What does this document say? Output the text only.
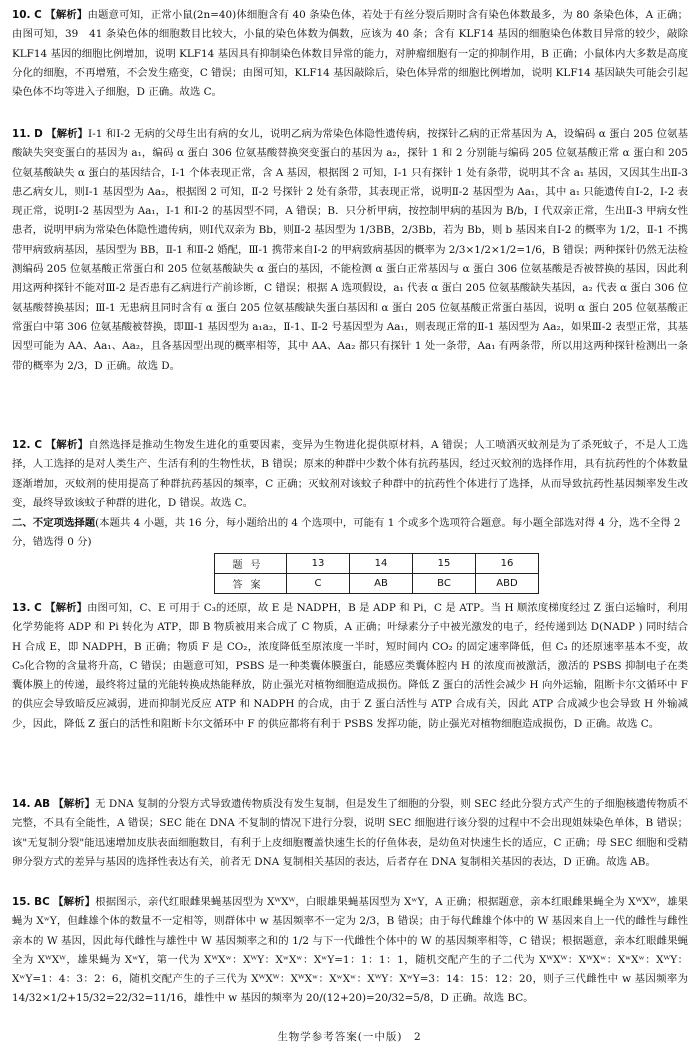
10. C 【解析】由题意可知，正常小鼠(2n=40)体细胞含有 40 条染色体，若处于有丝分裂后期时含有染色体数最多，为 80 条染色体，A 正确；由图可知，39　41 条染色体的细胞数目比较大，小鼠的染色体数为偶数，应该为 40 条；含有 KLF14 基因的细胞染色体数目异常的较少，敲除 KLF14 基因的细胞比例增加，说明 KLF14 基因具有抑制染色体数目异常的能力，对肿瘤细胞有一定的抑制作用，B 正确；小鼠体内大多数是高度分化的细胞，不再增殖，不会发生癌变，C 错误；由图可知，KLF14 基因敲除后，染色体异常的细胞比例增加，说明 KLF14 基因缺失可能会引起染色体不均等进入子细胞，D 正确。故选 C。

11. D 【解析】Ⅰ-1 和Ⅰ-2 无病的父母生出有病的女儿，说明乙病为常染色体隐性遗传病，按探针乙病的正常基因为 A，设编码 α 蛋白 205 位氨基酸缺失突变蛋白的基因为 a₁，编码 α 蛋白 306 位氨基酸替换突变蛋白的基因为 a₂，探针 1 和 2 分别能与编码 205 位氨基酸正常 α 蛋白和 205 位氨基酸缺失 α 蛋白的基因结合，Ⅰ-1 个体表现正常，含 A 基因，根据图 2 可知，Ⅰ-1 只有探针 1 处有条带，说明其不含 a₁ 基因，又因其生出Ⅱ-3 患乙病女儿，则Ⅰ-1 基因型为 Aa₂，根据图 2 可知，Ⅱ-2 号探针 2 处有条带，其表现正常，说明Ⅱ-2 基因型为 Aa₁，其中 a₁ 只能遗传自Ⅰ-2，Ⅰ-2 表现正常，说明Ⅰ-2 基因型为 Aa₁，Ⅰ-1 和Ⅰ-2 的基因型不同，A 错误；B．只分析甲病，按控制甲病的基因为 B/b，Ⅰ 代双亲正常，生出Ⅱ-3 甲病女性患者，说明甲病为常染色体隐性遗传病，则Ⅰ代双亲为 Bb，则Ⅱ-2 基因型为 1/3BB，2/3Bb，若为 Bb，则 b 基因来自Ⅰ-2 的概率为 1/2，Ⅱ-1 不携带甲病致病基因，基因型为 BB，Ⅱ-1 和Ⅱ-2 婚配，Ⅲ-1 携带来自Ⅰ-2 的甲病致病基因的概率为 2/3×1/2×1/2=1/6，B 错误；两种探针仍然无法检测编码 205 位氨基酸正常蛋白和 205 位氨基酸缺失 α 蛋白的基因，不能检测 α 蛋白正常基因与 α 蛋白 306 位氨基酸是否被替换的基因，因此利用这两种探针不能对Ⅲ-2 是否患有乙病进行产前诊断，C 错误；根据 A 选项假设，a₁ 代表 α 蛋白 205 位氨基酸缺失基因，a₂ 代表 α 蛋白 306 位氨基酸替换基因；Ⅲ-1 无患病且同时含有 α 蛋白 205 位氨基酸缺失蛋白基因和 α 蛋白 205 位氨基酸正常蛋白基因，说明 α 蛋白 205 位氨基酸正常蛋白中第 306 位氨基酸被替换，即Ⅲ-1 基因型为 a₁a₂，Ⅱ-1、Ⅱ-2 号基因型为 Aa₁，则表现正常的Ⅱ-1 基因型为 Aa₂，如果Ⅲ-2 表型正常，其基因型可能为 AA、Aa₁、Aa₂，且各基因型出现的概率相等，其中 AA、Aa₂ 都只有探针 1 处一条带，Aa₁ 有两条带，所以用这两种探针检测出一条带的概率为 2/3，D 正确。故选 D。

12. C 【解析】自然选择是推动生物发生进化的重要因素，变异为生物进化提供原材料，A 错误；人工喷洒灭蚊剂是为了杀死蚊子，不是人工选择，人工选择的是对人类生产、生活有利的生物性状，B 错误；原来的种群中少数个体有抗药基因，经过灭蚊剂的选择作用，具有抗药性的个体数量逐渐增加，灭蚊剂的使用提高了种群抗药基因的频率，C 正确；灭蚊剂对该蚊子种群中的抗药性个体进行了选择，从而导致抗药性基因频率发生改变，最终导致该蚊子种群的进化，D 错误。故选 C。

二、不定项选择题(本题共 4 小题，共 16 分，每小题给出的 4 个选项中，可能有 1 个或多个选项符合题意。每小题全部选对得 4 分，选不全得 2 分，错选得 0 分)
题号	13	14	15	16
答案	C	AB	BC	ABD

13. C 【解析】由图可知，C、E 可用于 C₃的还原，故 E 是 NADPH，B 是 ADP 和 Pi，C 是 ATP。当 H 顺浓度梯度经过 Z 蛋白运输时，利用化学势能将 ADP 和 Pi 转化为 ATP，即 B 物质被用来合成了 C 物质，A 正确；叶绿素分子中被光激发的电子，经传递到达 D(NADP ) 同时结合 H 合成 E，即 NADPH，B 正确；物质 F 是 CO₂，浓度降低至原浓度一半时，短时间内 CO₂ 的固定速率降低，但 C₃ 的还原速率基本不变，故 C₅化合物的含量将升高，C 错误；由题意可知，PSBS 是一种类囊体膜蛋白，能感应类囊体腔内 H 的浓度而被激活，激活的 PSBS 抑制电子在类囊体膜上的传递，最终将过量的光能转换成热能释放，防止强光对植物细胞造成损伤。降低 Z 蛋白的活性会减少 H 向外运输，阻断卡尔文循环中 F 的供应会导致暗反应减弱，进而抑制光反应 ATP 和 NADPH 的合成，由于 Z 蛋白活性与 ATP 合成有关，因此 ATP 合成减少也会导致 H 外输减少，因此，降低 Z 蛋白的活性和阻断卡尔文循环中 F 的供应都将有利于 PSBS 发挥功能，防止强光对植物细胞造成损伤，D 正确。故选 C。

14. AB 【解析】无 DNA 复制的分裂方式导致遗传物质没有发生复制，但是发生了细胞的分裂，则 SEC 经此分裂方式产生的子细胞核遗传物质不完整，不具有全能性，A 错误；SEC 能在 DNA 不复制的情况下进行分裂，说明 SEC 细胞进行该分裂的过程中不会出现姐妹染色单体，B 错误；该"无复制分裂"能迅速增加皮肤表面细胞数目，有利于上皮细胞覆盖快速生长的仔鱼体表，是幼鱼对快速生长的适应，C 正确；母 SEC 细胞和受精卵分裂方式的差异与基因的选择性表达有关，前者无 DNA 复制相关基因的表达，后者存在 DNA 复制相关基因的表达，D 正确。故选 AB。

15. BC 【解析】根据图示，亲代红眼雌果蝇基因型为 XᵂXᵂ，白眼雄果蝇基因型为 XʷY，A 正确；根据题意，亲本红眼雌果蝇全为 XᵂXᵂ，雄果蝇为 XʷY，但雌雄个体的数量不一定相等，则群体中 w 基因频率不一定为 2/3，B 错误；由于每代雌雄个体中的 W 基因来自上一代的雌性与雌性亲本的 W 基因，因此每代雌性与雄性中 W 基因频率之和的 1/2 与下一代雌性个体中的 W 的基因频率相等，C 错误；根据题意，亲本红眼雌果蝇全为 XᵂXᵂ，雄果蝇为 XʷY，第一代为 XᵂXʷ：XᵂY：XʷXʷ：XʷY=1：1：1：1，随机交配产生的子二代为 XᵂXᵂ：XᵂXʷ：XʷXʷ：XᵂY：XʷY=1：4：3：2：6，随机交配产生的子三代为 XᵂXᵂ：XᵂXʷ：XʷXʷ：XᵂY：XʷY=3：14：15：12：20，则子三代雌性中 w 基因频率为 14/32×1/2+15/32=22/32=11/16，雄性中 w 基因的频率为 20/(12+20)=20/32=5/8，D 正确。故选 BC。

生物学参考答案(一中版)　2
